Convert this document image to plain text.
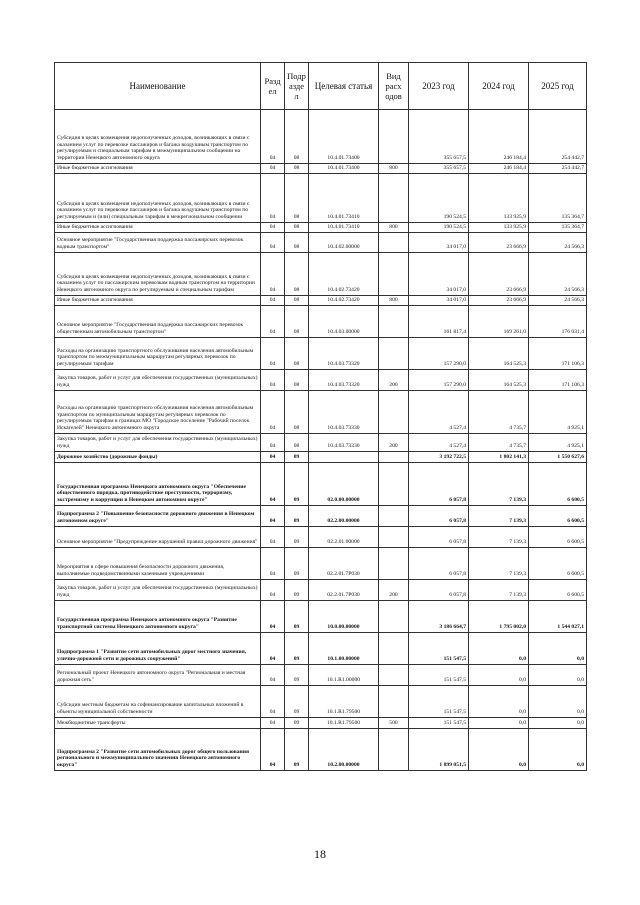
Наименование	Разд ел	Подр азде л	Целевая статья	Вид расх одов	2023 год	2024 год	2025 год
Субсидия в целях возмещения недополученных доходов, возникающих в связи с оказанием услуг по перевозке пассажиров и багажа воздушным транспортом по регулируемым и специальным тарифам в межмуниципальном сообщении на территории Ненецкого автономного округа	04	08	10.4.01.73400		355 657,5	246 184,4	254 442,7
Иные бюджетные ассигнования	04	08	10.4.01.73400	800	355 657,5	246 184,4	254 442,7
Субсидия в целях возмещения недополученных доходов, возникающих в связи с оказанием услуг по перевозке пассажиров и багажа воздушным транспортом по регулируемым и (или) специальным тарифам в межрегиональном сообщении	04	08	10.4.01.73410		190 524,5	133 925,9	135 364,7
Иные бюджетные ассигнования	04	08	10.4.01.73410	800	190 524,5	133 925,9	135 364,7
Основное мероприятие "Государственная поддержка пассажирских перевозок водным транспортом"	04	08	10.4.02.00000		34 017,0	23 666,9	24 566,3
Субсидия в целях возмещения недополученных доходов, возникающих в связи с оказанием услуг по пассажирским перевозкам водным транспортом на территории Ненецкого автономного округа по регулируемым и специальным тарифам	04	08	10.4.02.73420		34 017,0	23 666,9	24 566,3
Иные бюджетные ассигнования	04	08	10.4.02.73420	800	34 017,0	23 666,9	24 566,3
Основное мероприятие "Государственная поддержка пассажирских перевозок общественным автомобильным транспортом"	04	08	10.4.03.00000		161 817,4	169 261,0	176 031,4
Расходы на организацию транспортного обслуживания населения автомобильным транспортом по межмуниципальным маршрутам регулярных перевозок по регулируемым тарифам	04	08	10.4.03.73320		157 290,0	164 525,3	171 106,3
Закупка товаров, работ и услуг для обеспечения государственных (муниципальных) нужд	04	08	10.4.03.73320	200	157 290,0	164 525,3	171 106,3
Расходы на организацию транспортного обслуживания населения автомобильным транспортом по муниципальным маршрутам регулярных перевозок по регулируемым тарифам в границах МО "Городское поселение "Рабочий поселок Искателей" Ненецкого автономного округа	04	08	10.4.03.73330		4 527,4	4 735,7	4 925,1
Закупка товаров, работ и услуг для обеспечения государственных (муниципальных) нужд	04	08	10.4.03.73330	200	4 527,4	4 735,7	4 925,1
Дорожное хозяйство (дорожные фонды)	04	09			3 192 722,5	1 802 141,3	1 550 627,6
Государственная программа Ненецкого автономного округа "Обеспечение общественного порядка, противодействие преступности, терроризму, экстремизму и коррупции в Ненецком автономном округе"	04	09	02.0.00.00000		6 057,8	7 139,3	6 600,5
Подпрограмма 2 "Повышение безопасности дорожного движения в Ненецком автономном округе"	04	09	02.2.00.00000		6 057,8	7 139,3	6 600,5
Основное мероприятие "Предупреждение нарушений правил дорожного движения"	04	09	02.2.01.00000		6 057,8	7 139,3	6 600,5
Мероприятия в сфере повышения безопасности дорожного движения, выполняемые подведомственными казенными учреждениями	04	09	02.2.01.7Р030		6 057,8	7 139,3	6 600,5
Закупка товаров, работ и услуг для обеспечения государственных (муниципальных) нужд	04	09	02.2.01.7Р030	200	6 057,8	7 139,3	6 600,5
Государственная программа Ненецкого автономного округа "Развитие транспортной системы Ненецкого автономного округа"	04	09	10.0.00.00000		3 186 664,7	1 795 002,0	1 544 027,1
Подпрограмма 1 "Развитие сети автомобильных дорог местного значения, улично-дорожной сети и дорожных сооружений"	04	09	10.1.00.00000		151 547,5	0,0	0,0
Региональный проект Ненецкого автономного округа "Региональная и местная дорожная сеть"	04	09	10.1.R1.00000		151 547,5	0,0	0,0
Субсидии местным бюджетам на софинансирование капитальных вложений в объекты муниципальной собственности	04	09	10.1.R1.79500		151 547,5	0,0	0,0
Межбюджетные трансферты	04	09	10.1.R1.79500	500	151 547,5	0,0	0,0
Подпрограмма 2 "Развитие сети автомобильных дорог общего пользования регионального и межмуниципального значения Ненецкого автономного округа"	04	09	10.2.00.00000		1 899 051,5	0,0	0,0
18
